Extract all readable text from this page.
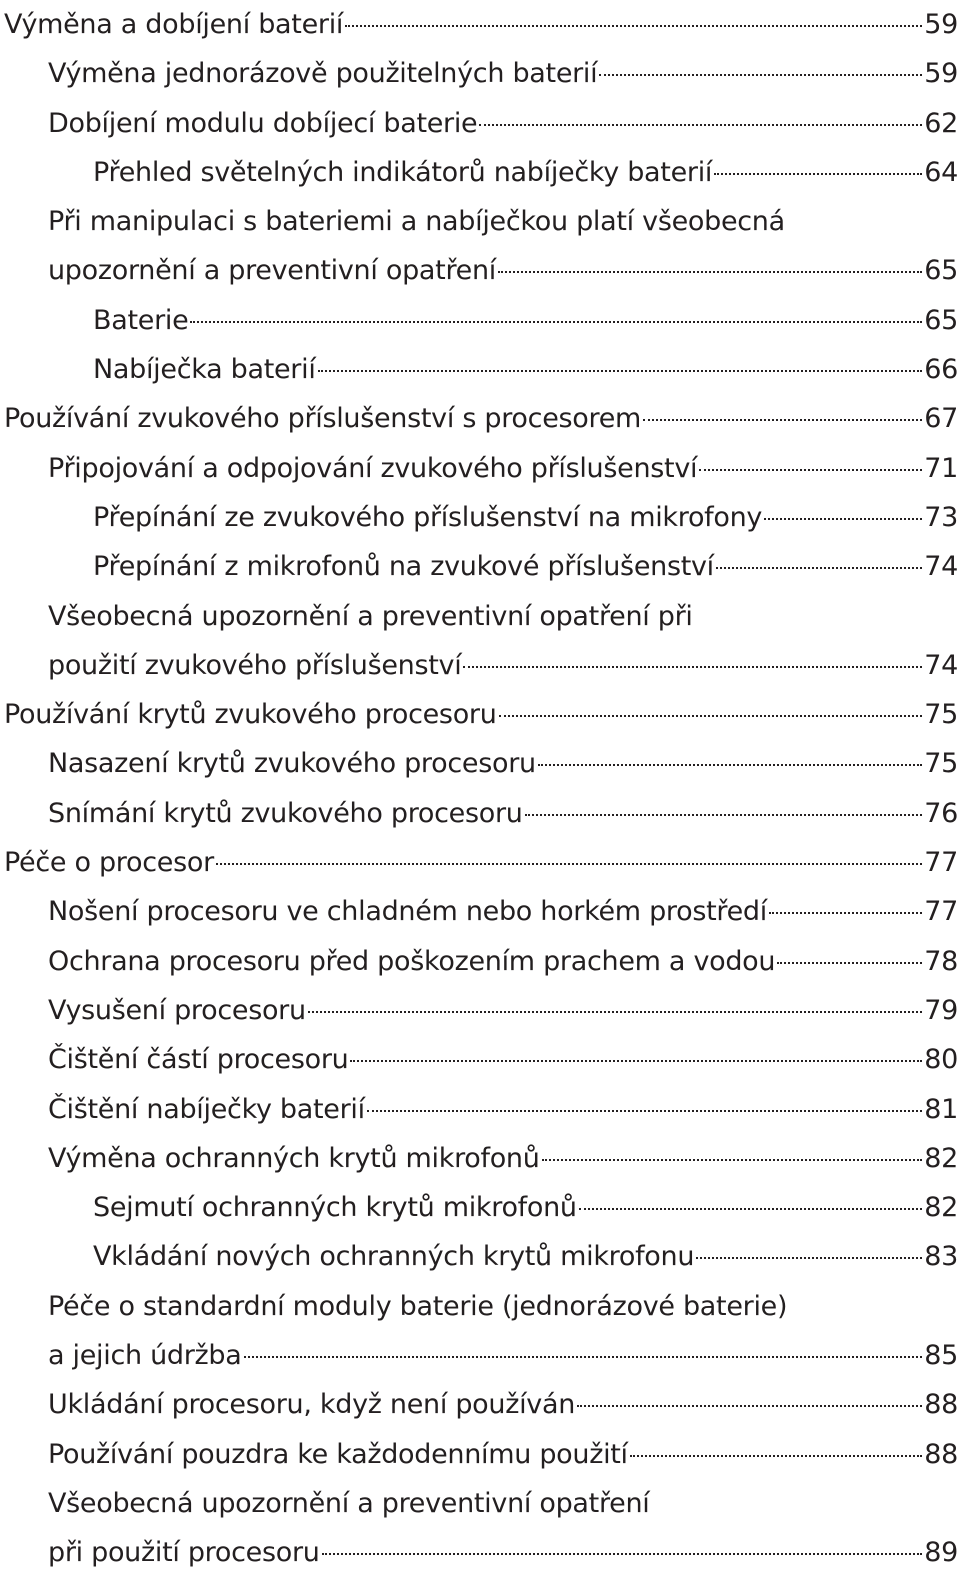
Výměna a dobíjení baterií	59
Výměna jednorázově použitelných baterií	59
Dobíjení modulu dobíjecí baterie	62
Přehled světelných indikátorů nabíječky baterií	64
Při manipulaci s bateriemi a nabíječkou platí všeobecná
upozornění a preventivní opatření	65
Baterie	65
Nabíječka baterií	66
Používání zvukového příslušenství s procesorem	67
Připojování a odpojování zvukového příslušenství	71
Přepínání ze zvukového příslušenství na mikrofony	73
Přepínání z mikrofonů na zvukové příslušenství	74
Všeobecná upozornění a preventivní opatření při
použití zvukového příslušenství	74
Používání krytů zvukového procesoru	75
Nasazení krytů zvukového procesoru	75
Snímání krytů zvukového procesoru	76
Péče o procesor	77
Nošení procesoru ve chladném nebo horkém prostředí	77
Ochrana procesoru před poškozením prachem a vodou	78
Vysušení procesoru	79
Čištění částí procesoru	80
Čištění nabíječky baterií	81
Výměna ochranných krytů mikrofonů	82
Sejmutí ochranných krytů mikrofonů	82
Vkládání nových ochranných krytů mikrofonu	83
Péče o standardní moduly baterie (jednorázové baterie)
a jejich údržba	85
Ukládání procesoru, když není používán	88
Používání pouzdra ke každodennímu použití	88
Všeobecná upozornění a preventivní opatření
při použití procesoru	89
